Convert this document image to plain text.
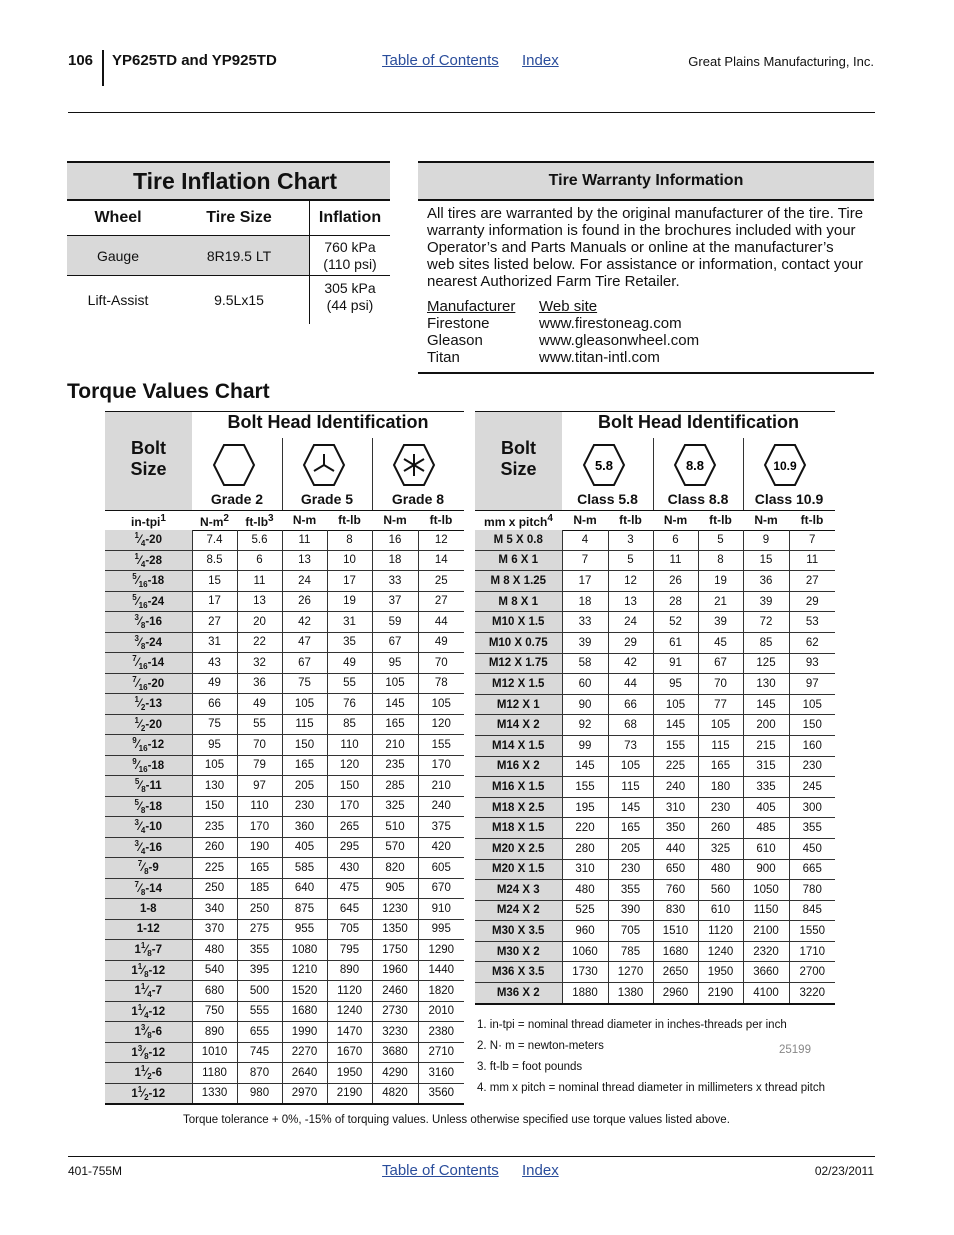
106 YP625TD and YP925TD	Table of Contents Index	Great Plains Manufacturing, Inc.
Tire Inflation Chart
Wheel	Tire Size	Inflation
Gauge	8R19.5 LT	760 kPa
(110 psi)

Lift-Assist	9.5Lx15	305 kPa
(44 psi)
Tire Warranty Information
All tires are warranted by the original manufacturer of the tire. Tire warranty information is found in the brochures included with your Operator’s and Parts Manuals or online at the manufacturer’s web sites listed below. For assistance or information, contact your nearest Authorized Farm Tire Retailer.
Manufacturer	Web site
Firestone	www.firestoneag.com
Gleason	www.gleasonwheel.com
Titan	www.titan-intl.com
Torque Values Chart
Bolt
Size
Bolt Head Identification
Grade 2	Grade 5	Grade 8
in-tpi$^1$	$N-m^2$	$ft-lb^3$	N-m	ft-lb	N-m	ft-lb
$^1⁄_4-20$	7.4	5.6	11	8	16	12
$^1⁄_4-28$	8.5	6	13	10	18	14
$^5⁄_{16}-18$	15	11	24	17	33	25
$^5⁄_{16}-24$	17	13	26	19	37	27
$^3⁄_8-16$	27	20	42	31	59	44
$^3⁄_8-24$	31	22	47	35	67	49
$^7⁄_{16}-14$	43	32	67	49	95	70
$^7⁄_{16}-20$	49	36	75	55	105	78
$^1⁄_2-13$	66	49	105	76	145	105
$^1⁄_2-20$	75	55	115	85	165	120
$^9⁄_{16}-12$	95	70	150	110	210	155
$^9⁄_{16}-18$	105	79	165	120	235	170
$^5⁄_8-11$	130	97	205	150	285	210
$^5⁄_8-18$	150	110	230	170	325	240
$^3⁄_4-10$	235	170	360	265	510	375
$^3⁄_4-16$	260	190	405	295	570	420
$^7⁄_8-9$	225	165	585	430	820	605
$^7⁄_8-14$	250	185	640	475	905	670
1-8	340	250	875	645	1230	910
1-12	370	275	955	705	1350	995
$1^1⁄_8-7$	480	355	1080	795	1750	1290
$1^1⁄_8-12$	540	395	1210	890	1960	1440
$1^1⁄_4-7$	680	500	1520	1120	2460	1820
$1^1⁄_4-12$	750	555	1680	1240	2730	2010
$1^3⁄_8-6$	890	655	1990	1470	3230	2380
$1^3⁄_8-12$	1010	745	2270	1670	3680	2710
$1^1⁄_2-6$	1180	870	2640	1950	4290	3160
$1^1⁄_2-12$	1330	980	2970	2190	4820	3560
Bolt
Size
Bolt Head Identification
5.8	8.8	10.9
Class 5.8	Class 8.8	Class 10.9
mm x pitch$^4$	N-m	ft-lb	N-m	ft-lb	N-m	ft-lb
M 5 X 0.8	4	3	6	5	9	7
M 6 X 1	7	5	11	8	15	11
M 8 X 1.25	17	12	26	19	36	27
M 8 X 1	18	13	28	21	39	29
M10 X 1.5	33	24	52	39	72	53
M10 X 0.75	39	29	61	45	85	62
M12 X 1.75	58	42	91	67	125	93
M12 X 1.5	60	44	95	70	130	97
M12 X 1	90	66	105	77	145	105
M14 X 2	92	68	145	105	200	150
M14 X 1.5	99	73	155	115	215	160
M16 X 2	145	105	225	165	315	230
M16 X 1.5	155	115	240	180	335	245
M18 X 2.5	195	145	310	230	405	300
M18 X 1.5	220	165	350	260	485	355
M20 X 2.5	280	205	440	325	610	450
M20 X 1.5	310	230	650	480	900	665
M24 X 3	480	355	760	560	1050	780
M24 X 2	525	390	830	610	1150	845
M30 X 3.5	960	705	1510	1120	2100	1550
M30 X 2	1060	785	1680	1240	2320	1710
M36 X 3.5	1730	1270	2650	1950	3660	2700
M36 X 2	1880	1380	2960	2190	4100	3220
1. in-tpi = nominal thread diameter in inches-threads per inch
2. N· m = newton-meters
3. ft-lb = foot pounds
4. mm x pitch = nominal thread diameter in millimeters x thread pitch
25199
Torque tolerance + 0%, -15% of torquing values. Unless otherwise specified use torque values listed above.
401-755M	Table of Contents Index	02/23/2011
